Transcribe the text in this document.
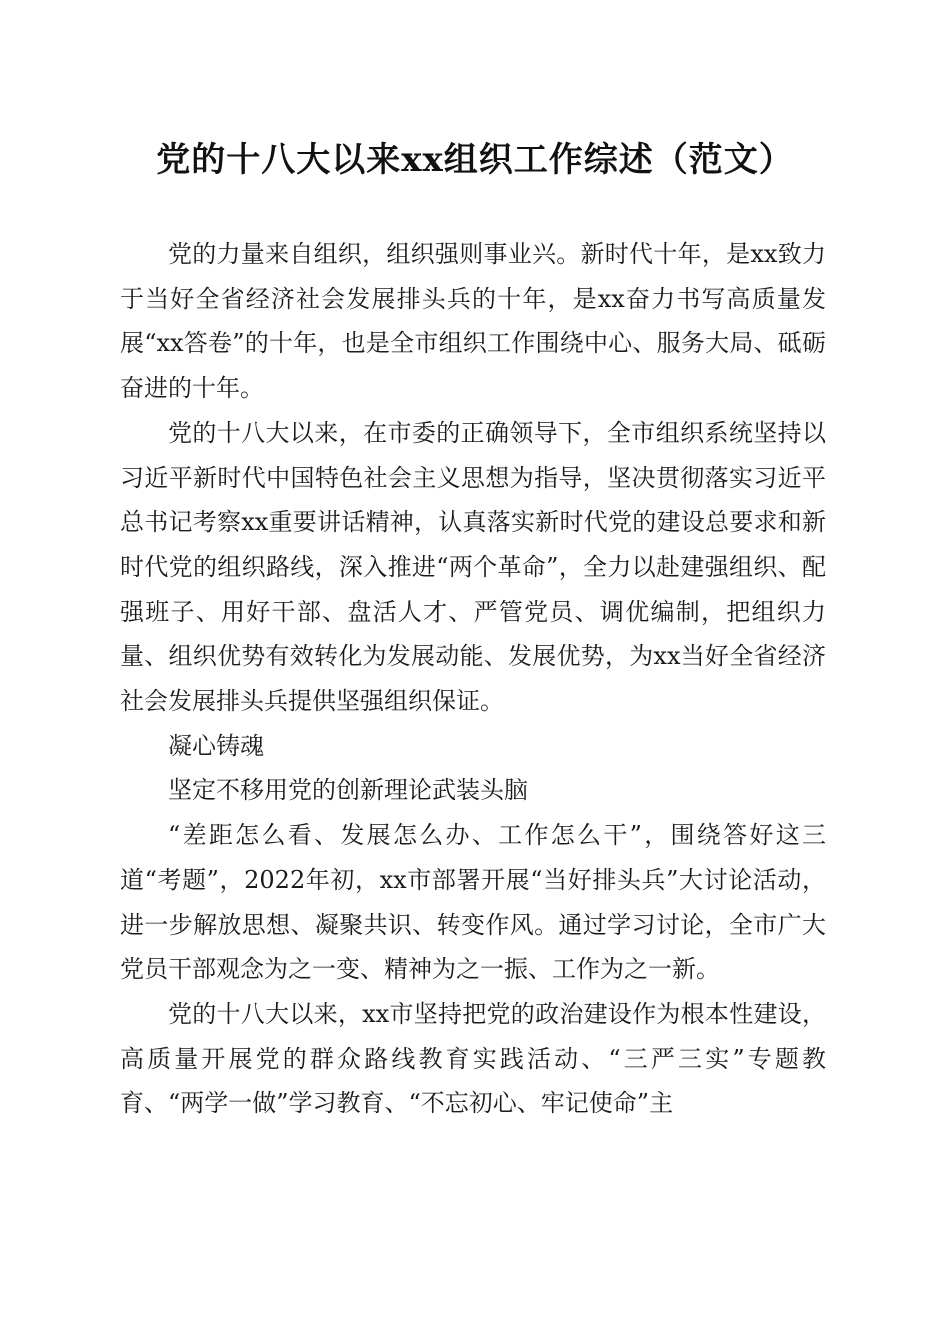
党的十八大以来xx组织工作综述（范文）

党的力量来自组织，组织强则事业兴。新时代十年，是xx致力于当好全省经济社会发展排头兵的十年，是xx奋力书写高质量发展“xx答卷”的十年，也是全市组织工作围绕中心、服务大局、砥砺奋进的十年。

党的十八大以来，在市委的正确领导下，全市组织系统坚持以习近平新时代中国特色社会主义思想为指导，坚决贯彻落实习近平总书记考察xx重要讲话精神，认真落实新时代党的建设总要求和新时代党的组织路线，深入推进“两个革命”，全力以赴建强组织、配强班子、用好干部、盘活人才、严管党员、调优编制，把组织力量、组织优势有效转化为发展动能、发展优势，为xx当好全省经济社会发展排头兵提供坚强组织保证。

凝心铸魂

坚定不移用党的创新理论武装头脑

“差距怎么看、发展怎么办、工作怎么干”，围绕答好这三道“考题”，2022年初，xx市部署开展“当好排头兵”大讨论活动，进一步解放思想、凝聚共识、转变作风。通过学习讨论，全市广大党员干部观念为之一变、精神为之一振、工作为之一新。

党的十八大以来，xx市坚持把党的政治建设作为根本性建设，高质量开展党的群众路线教育实践活动、“三严三实”专题教育、“两学一做”学习教育、“不忘初心、牢记使命”主
